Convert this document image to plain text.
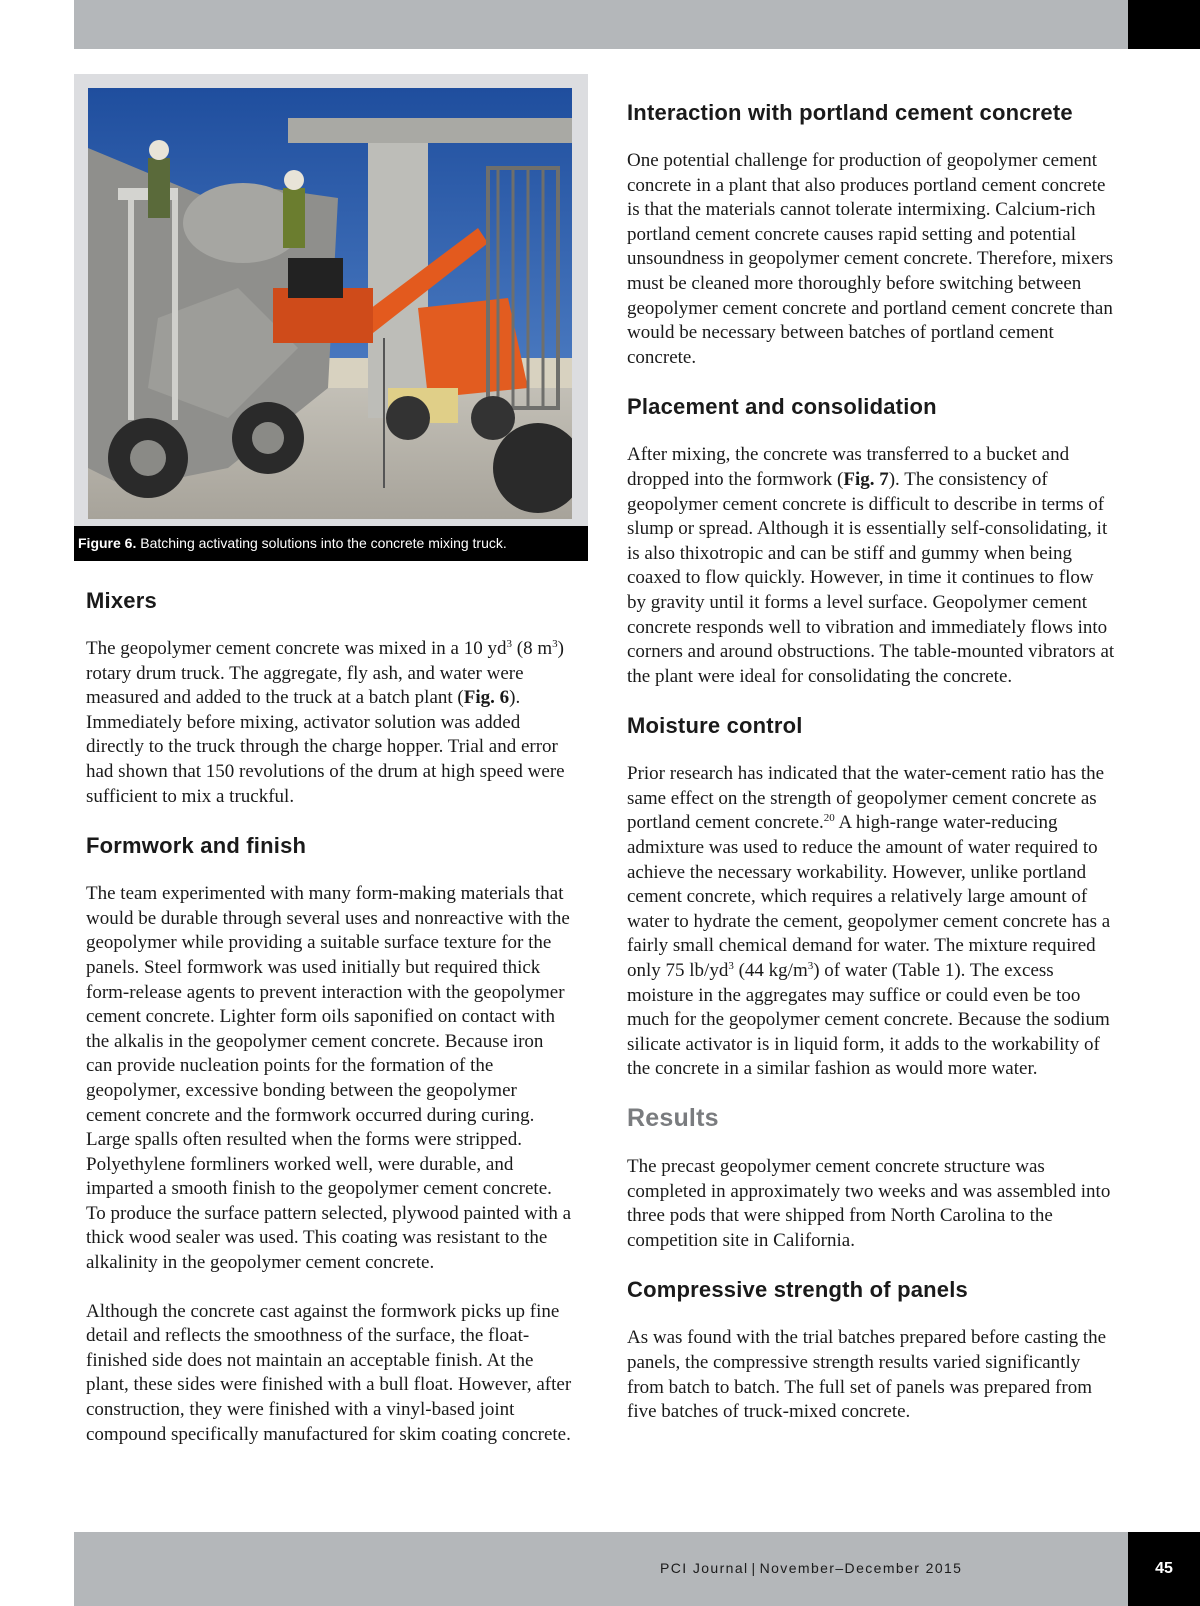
Figure 6. Batching activating solutions into the concrete mixing truck.
Mixers

The geopolymer cement concrete was mixed in a 10 $yd^3$ (8 $m^3$) rotary drum truck. The aggregate, fly ash, and water were measured and added to the truck at a batch plant (Fig. 6). Immediately before mixing, activator solution was added directly to the truck through the charge hopper. Trial and error had shown that 150 revolutions of the drum at high speed were sufficient to mix a truckful.

Formwork and finish

The team experimented with many form-making materials that would be durable through several uses and nonreactive with the geopolymer while providing a suitable surface texture for the panels. Steel formwork was used initially but required thick form-release agents to prevent interaction with the geopolymer cement concrete. Lighter form oils saponified on contact with the alkalis in the geopolymer cement concrete. Because iron can provide nucleation points for the formation of the geopolymer, excessive bonding between the geopolymer cement concrete and the formwork occurred during curing. Large spalls often resulted when the forms were stripped. Polyethylene formliners worked well, were durable, and imparted a smooth finish to the geopolymer cement concrete. To produce the surface pattern selected, plywood painted with a thick wood sealer was used. This coating was resistant to the alkalinity in the geopolymer cement concrete.

Although the concrete cast against the formwork picks up fine detail and reflects the smoothness of the surface, the float-finished side does not maintain an acceptable finish. At the plant, these sides were finished with a bull float. However, after construction, they were finished with a vinyl-based joint compound specifically manufactured for skim coating concrete.

Interaction with portland cement concrete

One potential challenge for production of geopolymer cement concrete in a plant that also produces portland cement concrete is that the materials cannot tolerate intermixing. Calcium-rich portland cement concrete causes rapid setting and potential unsoundness in geopolymer cement concrete. Therefore, mixers must be cleaned more thoroughly before switching between geopolymer cement concrete and portland cement concrete than would be necessary between batches of portland cement concrete.

Placement and consolidation

After mixing, the concrete was transferred to a bucket and dropped into the formwork (Fig. 7). The consistency of geopolymer cement concrete is difficult to describe in terms of slump or spread. Although it is essentially self-consolidating, it is also thixotropic and can be stiff and gummy when being coaxed to flow quickly. However, in time it continues to flow by gravity until it forms a level surface. Geopolymer cement concrete responds well to vibration and immediately flows into corners and around obstructions. The table-mounted vibrators at the plant were ideal for consolidating the concrete.

Moisture control

Prior research has indicated that the water-cement ratio has the same effect on the strength of geopolymer cement concrete as portland cement concrete.$^{20}$ A high-range water-reducing admixture was used to reduce the amount of water required to achieve the necessary workability. However, unlike portland cement concrete, which requires a relatively large amount of water to hydrate the cement, geopolymer cement concrete has a fairly small chemical demand for water. The mixture required only 75 $lb/yd^3$ (44 $kg/m^3$) of water (Table 1). The excess moisture in the aggregates may suffice or could even be too much for the geopolymer cement concrete. Because the sodium silicate activator is in liquid form, it adds to the workability of the concrete in a similar fashion as would more water.

Results

The precast geopolymer cement concrete structure was completed in approximately two weeks and was assembled into three pods that were shipped from North Carolina to the competition site in California.

Compressive strength of panels

As was found with the trial batches prepared before casting the panels, the compressive strength results varied significantly from batch to batch. The full set of panels was prepared from five batches of truck-mixed concrete.

PCI Journal | November–December 2015	45
